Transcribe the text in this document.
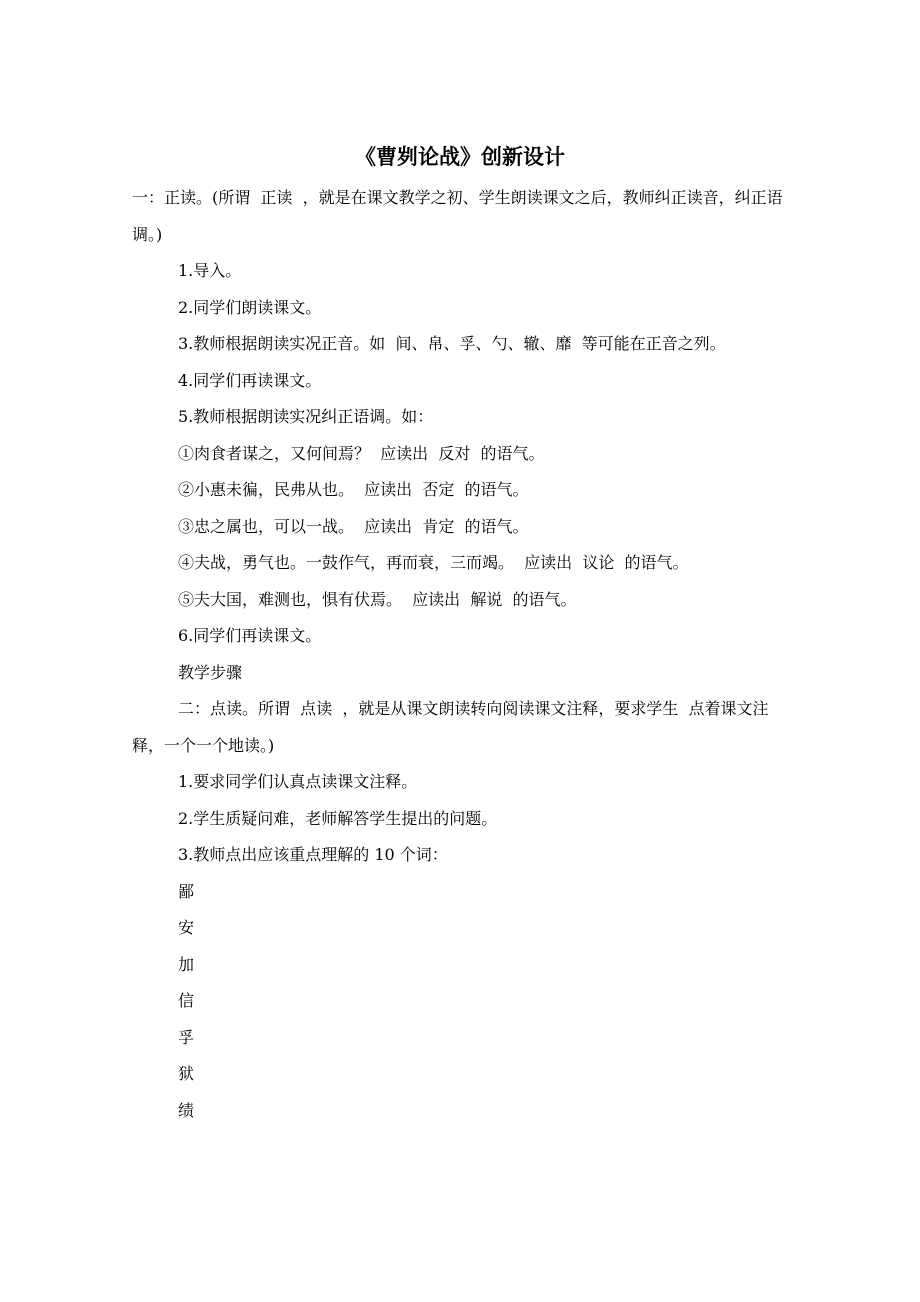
《曹刿论战》创新设计

一：正读。(所谓  正读  ，就是在课文教学之初、学生朗读课文之后，教师纠正读音，纠正语调。)

1.导入。

2.同学们朗读课文。

3.教师根据朗读实况正音。如  间、帛、孚、勺、辙、靡  等可能在正音之列。

4.同学们再读课文。

5.教师根据朗读实况纠正语调。如：

①肉食者谋之，又何间焉？  应读出  反对  的语气。

②小惠未徧，民弗从也。  应读出  否定  的语气。

③忠之属也，可以一战。  应读出  肯定  的语气。

④夫战，勇气也。一鼓作气，再而衰，三而竭。  应读出  议论  的语气。

⑤夫大国，难测也，惧有伏焉。  应读出  解说  的语气。

6.同学们再读课文。

教学步骤

二：点读。所谓  点读  ，就是从课文朗读转向阅读课文注释，要求学生  点着课文注释，一个一个地读。)

1.要求同学们认真点读课文注释。

2.学生质疑问难，老师解答学生提出的问题。

3.教师点出应该重点理解的 10 个词：

鄙

安

加

信

孚

狱

绩
